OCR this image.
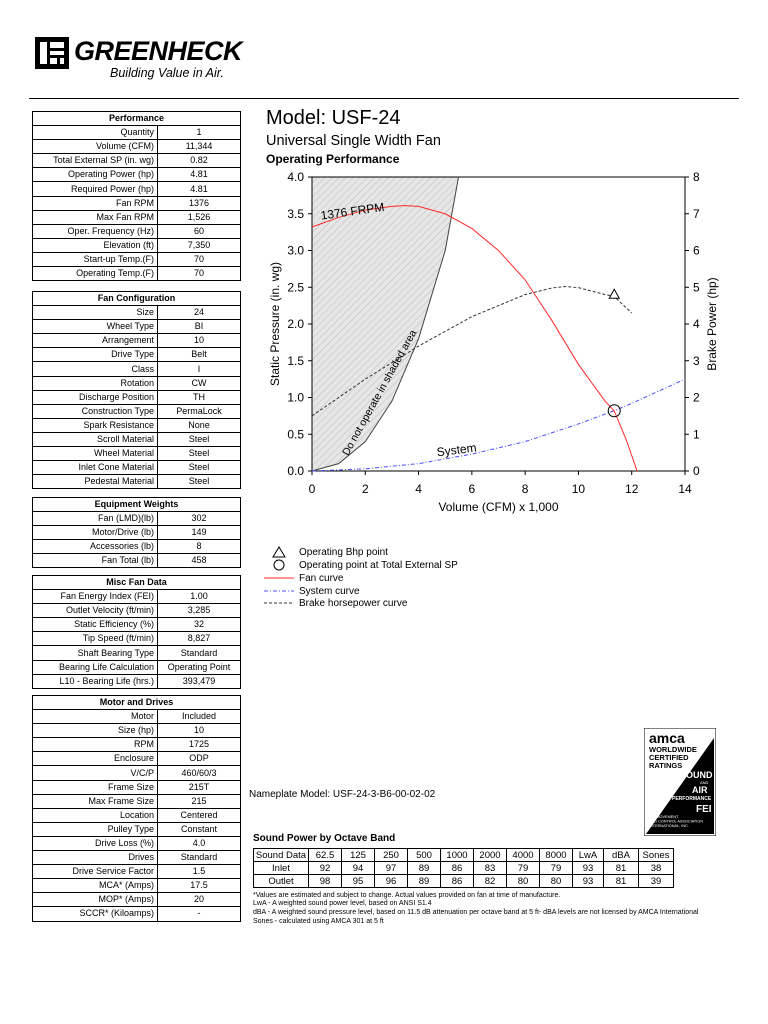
GREENHECK
Building Value in Air.
Performance	
Quantity	1
Volume (CFM)	11,344
Total External SP (in. wg)	0.82
Operating Power (hp)	4.81
Required Power (hp)	4.81
Fan RPM	1376
Max Fan RPM	1,526
Oper. Frequency (Hz)	60
Elevation (ft)	7,350
Start-up Temp.(F)	70
Operating Temp.(F)	70
Fan Configuration	
Size	24
Wheel Type	BI
Arrangement	10
Drive Type	Belt
Class	I
Rotation	CW
Discharge Position	TH
Construction Type	PermaLock
Spark Resistance	None
Scroll Material	Steel
Wheel Material	Steel
Inlet Cone Material	Steel
Pedestal Material	Steel
Equipment Weights	
Fan (LMD)(lb)	302
Motor/Drive (lb)	149
Accessories (lb)	8
Fan Total (lb)	458
Misc Fan Data	
Fan Energy Index (FEI)	1.00
Outlet Velocity (ft/min)	3,285
Static Efficiency (%)	32
Tip Speed (ft/min)	8,827
Shaft Bearing Type	Standard
Bearing Life Calculation	Operating Point
L10 - Bearing Life (hrs.)	393,479
Motor and Drives	
Motor	Included
Size (hp)	10
RPM	1725
Enclosure	ODP
V/C/P	460/60/3
Frame Size	215T
Max Frame Size	215
Location	Centered
Pulley Type	Constant
Drive Loss (%)	4.0
Drives	Standard
Drive Service Factor	1.5
MCA* (Amps)	17.5
MOP* (Amps)	20
SCCR* (Kiloamps)	-
Model: USF-24
Universal Single Width Fan
Operating Performance
0	2	4	6	8	10	12	14
0.0
0.5
1.0
1.5
2.0
2.5
3.0
3.5
4.0
0
1
2
3
4
5
6
7
8
Volume (CFM) x 1,000
Static Pressure (in. wg)	Brake Power (hp)
1376 FRPM
System
Do not operate in shaded area
Operating Bhp point
Operating point at Total External SP
Fan curve
System curve
Brake horsepower curve
Nameplate Model: USF-24-3-B6-00-02-02
amca
WORLDWIDE
CERTIFIED
RATINGS
SOUND
AND
AIR
PERFORMANCE
FEI
AIR MOVEMENT
AND CONTROL ASSOCIATION
INTERNATIONAL, INC.
Sound Power by Octave Band
Sound Data	62.5	125	250	500	1000	2000	4000	8000	LwA	dBA	Sones
Inlet	92	94	97	89	86	83	79	79	93	81	38
Outlet	98	95	96	89	86	82	80	80	93	81	39
*Values are estimated and subject to change. Actual values provided on fan at time of manufacture.
LwA - A weighted sound power level, based on ANSI S1.4
dBA - A weighted sound pressure level, based on 11.5 dB attenuation per octave band at 5 ft- dBA levels are not licensed by AMCA International
Sones - calculated using AMCA 301 at 5 ft
